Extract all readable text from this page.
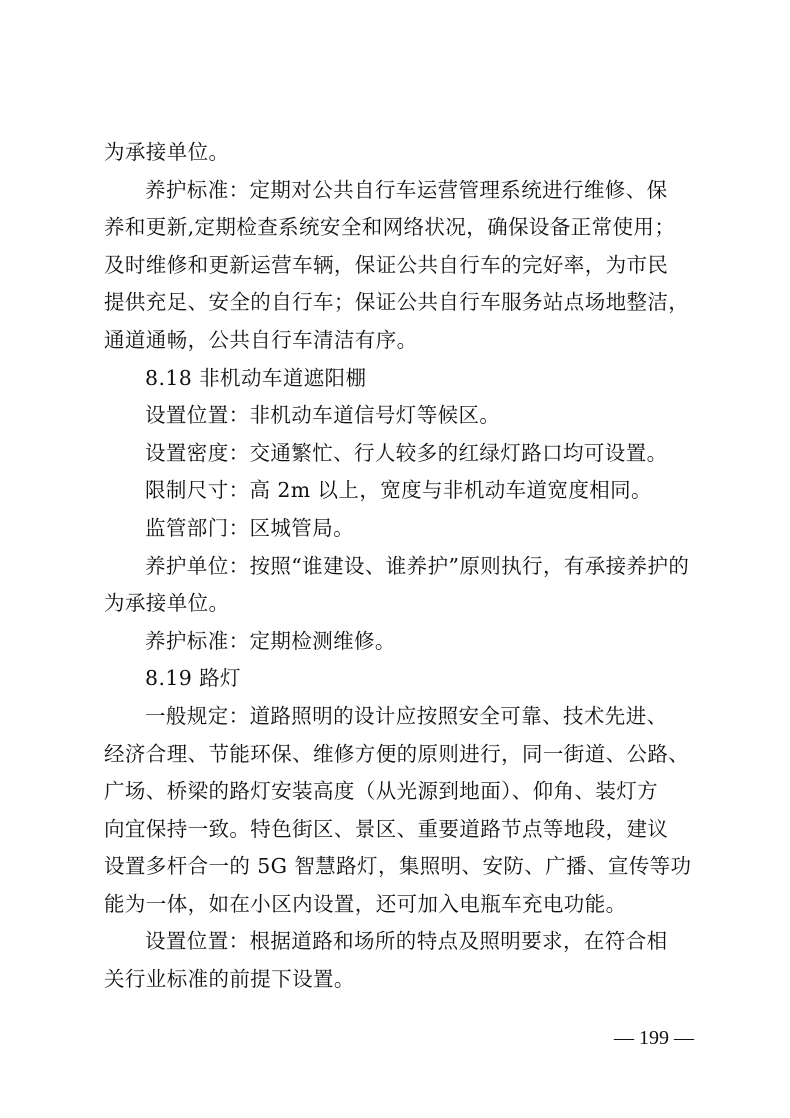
为承接单位。
养护标准：定期对公共自行车运营管理系统进行维修、保
养和更新,定期检查系统安全和网络状况，确保设备正常使用；
及时维修和更新运营车辆，保证公共自行车的完好率，为市民
提供充足、安全的自行车；保证公共自行车服务站点场地整洁，
通道通畅，公共自行车清洁有序。
8.18 非机动车道遮阳棚
设置位置：非机动车道信号灯等候区。
设置密度：交通繁忙、行人较多的红绿灯路口均可设置。
限制尺寸：高 2m 以上，宽度与非机动车道宽度相同。
监管部门：区城管局。
养护单位：按照“谁建设、谁养护”原则执行，有承接养护的
为承接单位。
养护标准：定期检测维修。
8.19 路灯
一般规定：道路照明的设计应按照安全可靠、技术先进、
经济合理、节能环保、维修方便的原则进行，同一街道、公路、
广场、桥梁的路灯安装高度（从光源到地面）、仰角、装灯方
向宜保持一致。特色街区、景区、重要道路节点等地段，建议
设置多杆合一的 5G 智慧路灯，集照明、安防、广播、宣传等功
能为一体，如在小区内设置，还可加入电瓶车充电功能。
设置位置：根据道路和场所的特点及照明要求，在符合相
关行业标准的前提下设置。
— 199 —
